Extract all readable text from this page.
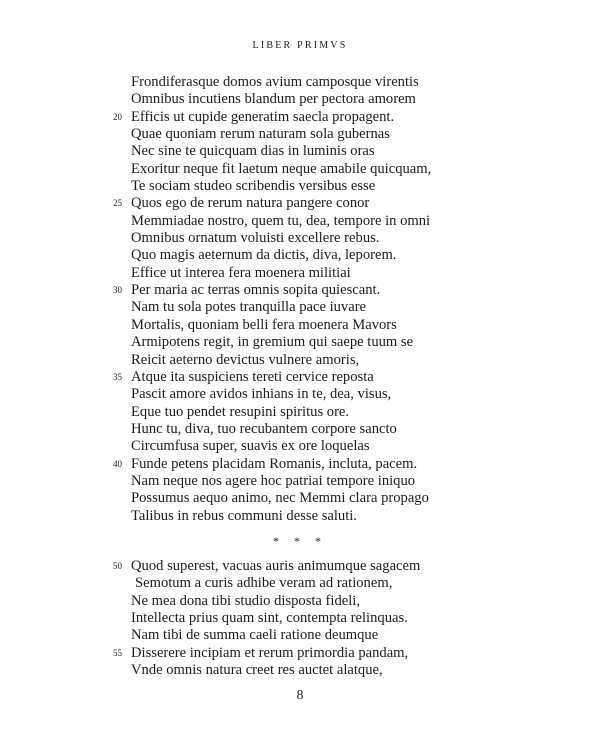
LIBER PRIMVS
Frondiferasque domos avium camposque virentis
Omnibus incutiens blandum per pectora amorem
20 Efficis ut cupide generatim saecla propagent.
Quae quoniam rerum naturam sola gubernas
Nec sine te quicquam dias in luminis oras
Exoritur neque fit laetum neque amabile quicquam,
Te sociam studeo scribendis versibus esse
25 Quos ego de rerum natura pangere conor
Memmiadae nostro, quem tu, dea, tempore in omni
Omnibus ornatum voluisti excellere rebus.
Quo magis aeternum da dictis, diva, leporem.
Effice ut interea fera moenera militiai
30 Per maria ac terras omnis sopita quiescant.
Nam tu sola potes tranquilla pace iuvare
Mortalis, quoniam belli fera moenera Mavors
Armipotens regit, in gremium qui saepe tuum se
Reicit aeterno devictus vulnere amoris,
35 Atque ita suspiciens tereti cervice reposta
Pascit amore avidos inhians in te, dea, visus,
Eque tuo pendet resupini spiritus ore.
Hunc tu, diva, tuo recubantem corpore sancto
Circumfusa super, suavis ex ore loquelas
40 Funde petens placidam Romanis, incluta, pacem.
Nam neque nos agere hoc patriai tempore iniquo
Possumus aequo animo, nec Memmi clara propago
Talibus in rebus communi desse saluti.
* * *
50 Quod superest, vacuas auris animumque sagacem
Semotum a curis adhibe veram ad rationem,
Ne mea dona tibi studio disposta fideli,
Intellecta prius quam sint, contempta relinquas.
Nam tibi de summa caeli ratione deumque
55 Disserere incipiam et rerum primordia pandam,
Vnde omnis natura creet res auctet alatque,
8
